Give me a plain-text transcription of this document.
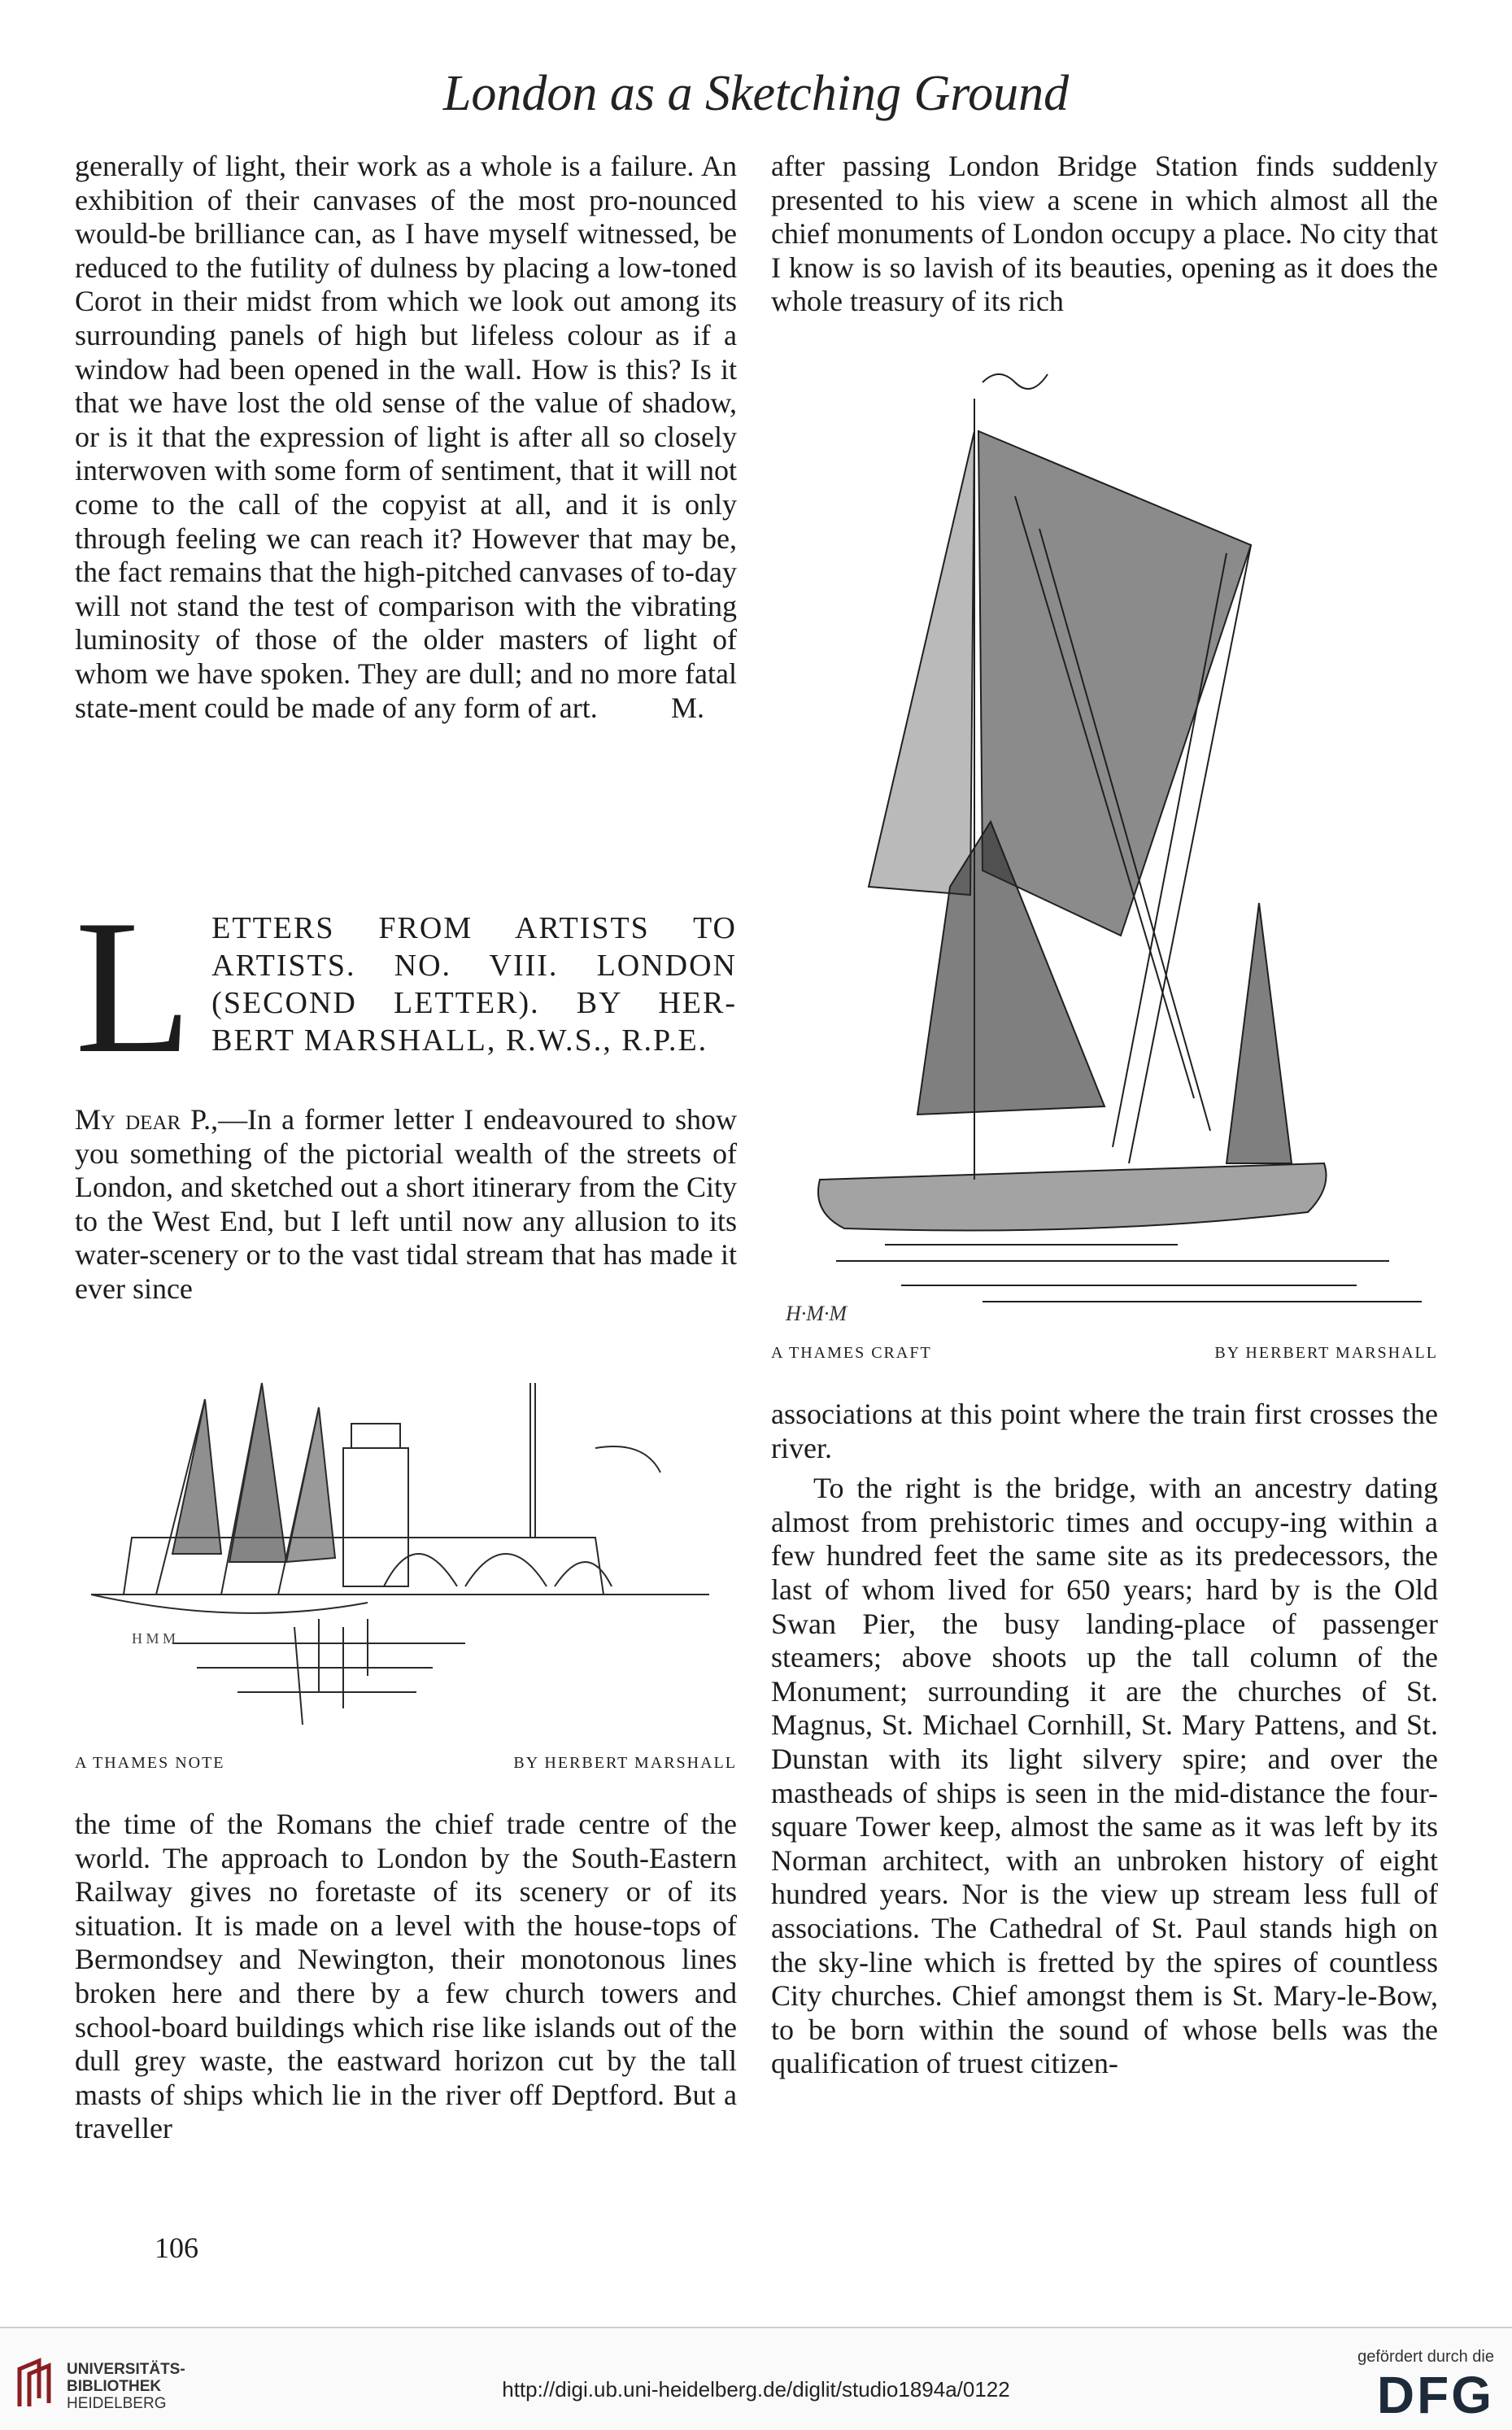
London as a Sketching Ground

generally of light, their work as a whole is a failure. An exhibition of their canvases of the most pro-nounced would-be brilliance can, as I have myself witnessed, be reduced to the futility of dulness by placing a low-toned Corot in their midst from which we look out among its surrounding panels of high but lifeless colour as if a window had been opened in the wall. How is this? Is it that we have lost the old sense of the value of shadow, or is it that the expression of light is after all so closely interwoven with some form of sentiment, that it will not come to the call of the copyist at all, and it is only through feeling we can reach it? However that may be, the fact remains that the high-pitched canvases of to-day will not stand the test of comparison with the vibrating luminosity of those of the older masters of light of whom we have spoken. They are dull; and no more fatal state-ment could be made of any form of art.	M.

L ETTERS FROM ARTISTS TO ARTISTS. NO. VIII. LONDON (SECOND LETTER). BY HER-BERT MARSHALL, R.W.S., R.P.E.

My dear P.,—In a former letter I endeavoured to show you something of the pictorial wealth of the streets of London, and sketched out a short itinerary from the City to the West End, but I left until now any allusion to its water-scenery or to the vast tidal stream that has made it ever since

H M M
A THAMES NOTE	BY HERBERT MARSHALL

the time of the Romans the chief trade centre of the world. The approach to London by the South-Eastern Railway gives no foretaste of its scenery or of its situation. It is made on a level with the house-tops of Bermondsey and Newington, their monotonous lines broken here and there by a few church towers and school-board buildings which rise like islands out of the dull grey waste, the eastward horizon cut by the tall masts of ships which lie in the river off Deptford. But a traveller

106

after passing London Bridge Station finds suddenly presented to his view a scene in which almost all the chief monuments of London occupy a place. No city that I know is so lavish of its beauties, opening as it does the whole treasury of its rich

H·M·M
A THAMES CRAFT	BY HERBERT MARSHALL

associations at this point where the train first crosses the river.

To the right is the bridge, with an ancestry dating almost from prehistoric times and occupy-ing within a few hundred feet the same site as its predecessors, the last of whom lived for 650 years; hard by is the Old Swan Pier, the busy landing-place of passenger steamers; above shoots up the tall column of the Monument; surrounding it are the churches of St. Magnus, St. Michael Cornhill, St. Mary Pattens, and St. Dunstan with its light silvery spire; and over the mastheads of ships is seen in the mid-distance the four-square Tower keep, almost the same as it was left by its Norman architect, with an unbroken history of eight hundred years. Nor is the view up stream less full of associations. The Cathedral of St. Paul stands high on the sky-line which is fretted by the spires of countless City churches. Chief amongst them is St. Mary-le-Bow, to be born within the sound of whose bells was the qualification of truest citizen-

UNIVERSITÄTS-
BIBLIOTHEK
HEIDELBERG
http://digi.ub.uni-heidelberg.de/diglit/studio1894a/0122
gefördert durch die
DFG
